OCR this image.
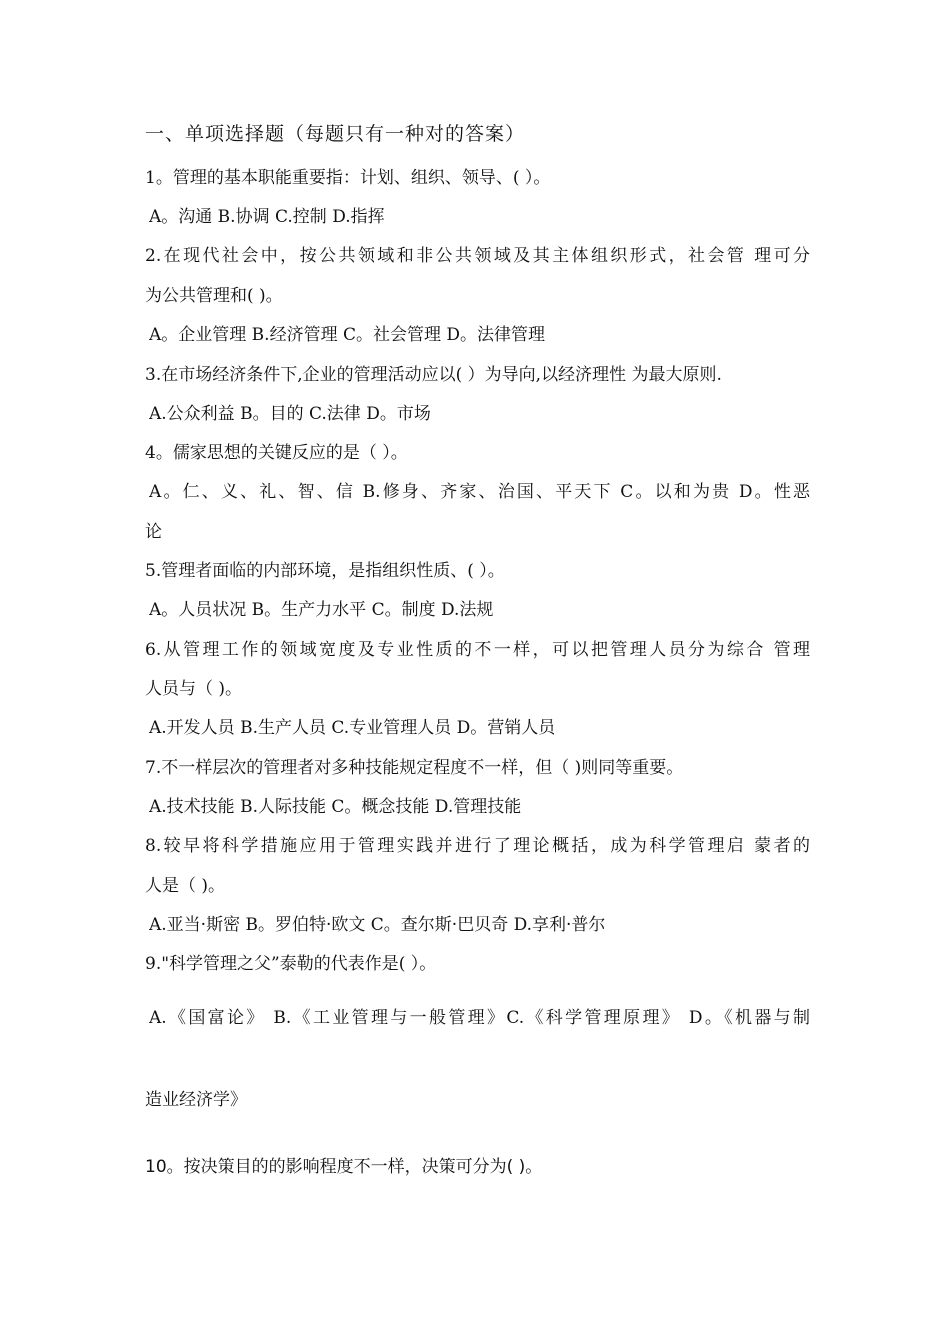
一、单项选择题（每题只有一种对的答案）
1。管理的基本职能重要指：计划、组织、领导、( ）。
A。沟通 B.协调 C.控制 D.指挥
2.在现代社会中，按公共领域和非公共领域及其主体组织形式，社会管 理可分
为公共管理和( )。
A。企业管理 B.经济管理 C。社会管理 D。法律管理
3.在市场经济条件下,企业的管理活动应以( ）为导向,以经济理性 为最大原则.
A.公众利益 B。目的 C.法律 D。市场
4。儒家思想的关键反应的是（ ）。
A。仁、义、礼、智、信 B.修身、齐家、治国、平天下 C。以和为贵 D。性恶
论
5.管理者面临的内部环境，是指组织性质、( ）。
A。人员状况 B。生产力水平 C。制度 D.法规
6.从管理工作的领域宽度及专业性质的不一样，可以把管理人员分为综合 管理
人员与（ )。
A.开发人员 B.生产人员 C.专业管理人员 D。营销人员
7.不一样层次的管理者对多种技能规定程度不一样，但（ )则同等重要。
A.技术技能 B.人际技能 C。概念技能 D.管理技能
8.较早将科学措施应用于管理实践并进行了理论概括，成为科学管理启 蒙者的
人是（ )。
A.亚当·斯密 B。罗伯特·欧文 C。查尔斯·巴贝奇 D.享利·普尔
9."科学管理之父”泰勒的代表作是( ）。
A.《国富论》 B.《工业管理与一般管理》C.《科学管理原理》 D。《机器与制
造业经济学》
10。按决策目的的影响程度不一样，决策可分为( )。
